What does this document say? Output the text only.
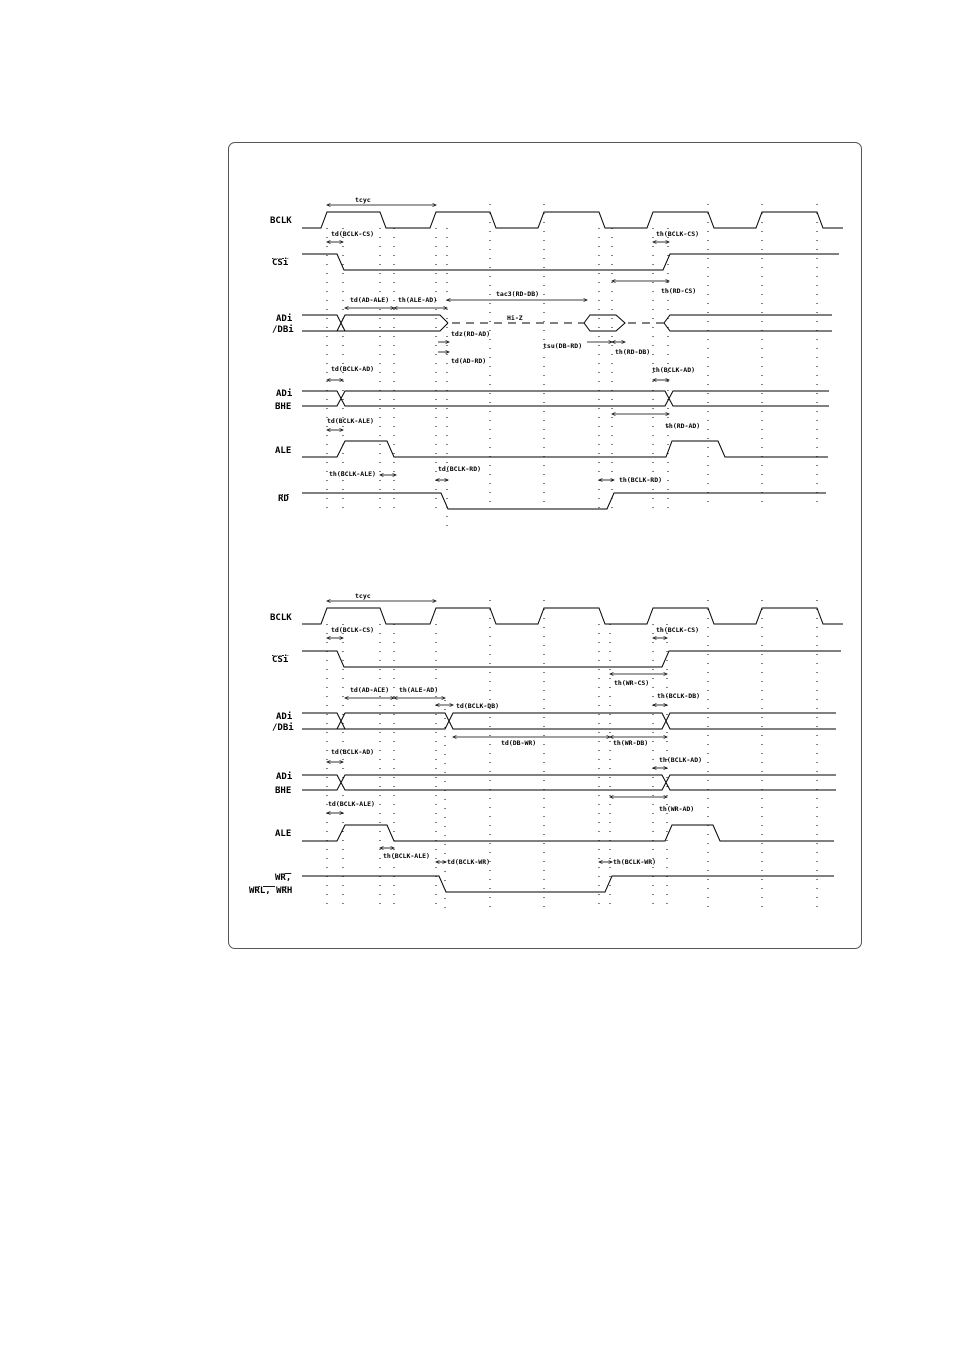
BCLK
CSi
ADi
/DBi
ADi
BHE
ALE
RD
tcyc
td(BCLK-CS)	th(BCLK-CS)
th(RD-CS)
td(AD-ALE) th(ALE-AD)
tac3(RD-DB)
Hi-Z
tdz(RD-AD)
td(AD-RD)
tsu(DB-RD)
th(RD-DB)
td(BCLK-AD)	th(BCLK-AD)
th(RD-AD)
td(BCLK-ALE)
th(BCLK-ALE)
td(BCLK-RD)
th(BCLK-RD)
BCLK
CSi
ADi
/DBi
ADi
BHE
ALE
WR,
WRL, WRH
tcyc
td(BCLK-CS)	th(BCLK-CS)
th(WR-CS)
td(AD-ALE) th(ALE-AD)
td(BCLK-DB)
th(BCLK-DB)
td(DB-WR)	th(WR-DB)
td(BCLK-AD)
th(BCLK-AD)
th(WR-AD)
td(BCLK-ALE)
th(BCLK-ALE)
td(BCLK-WR)	th(BCLK-WR)
